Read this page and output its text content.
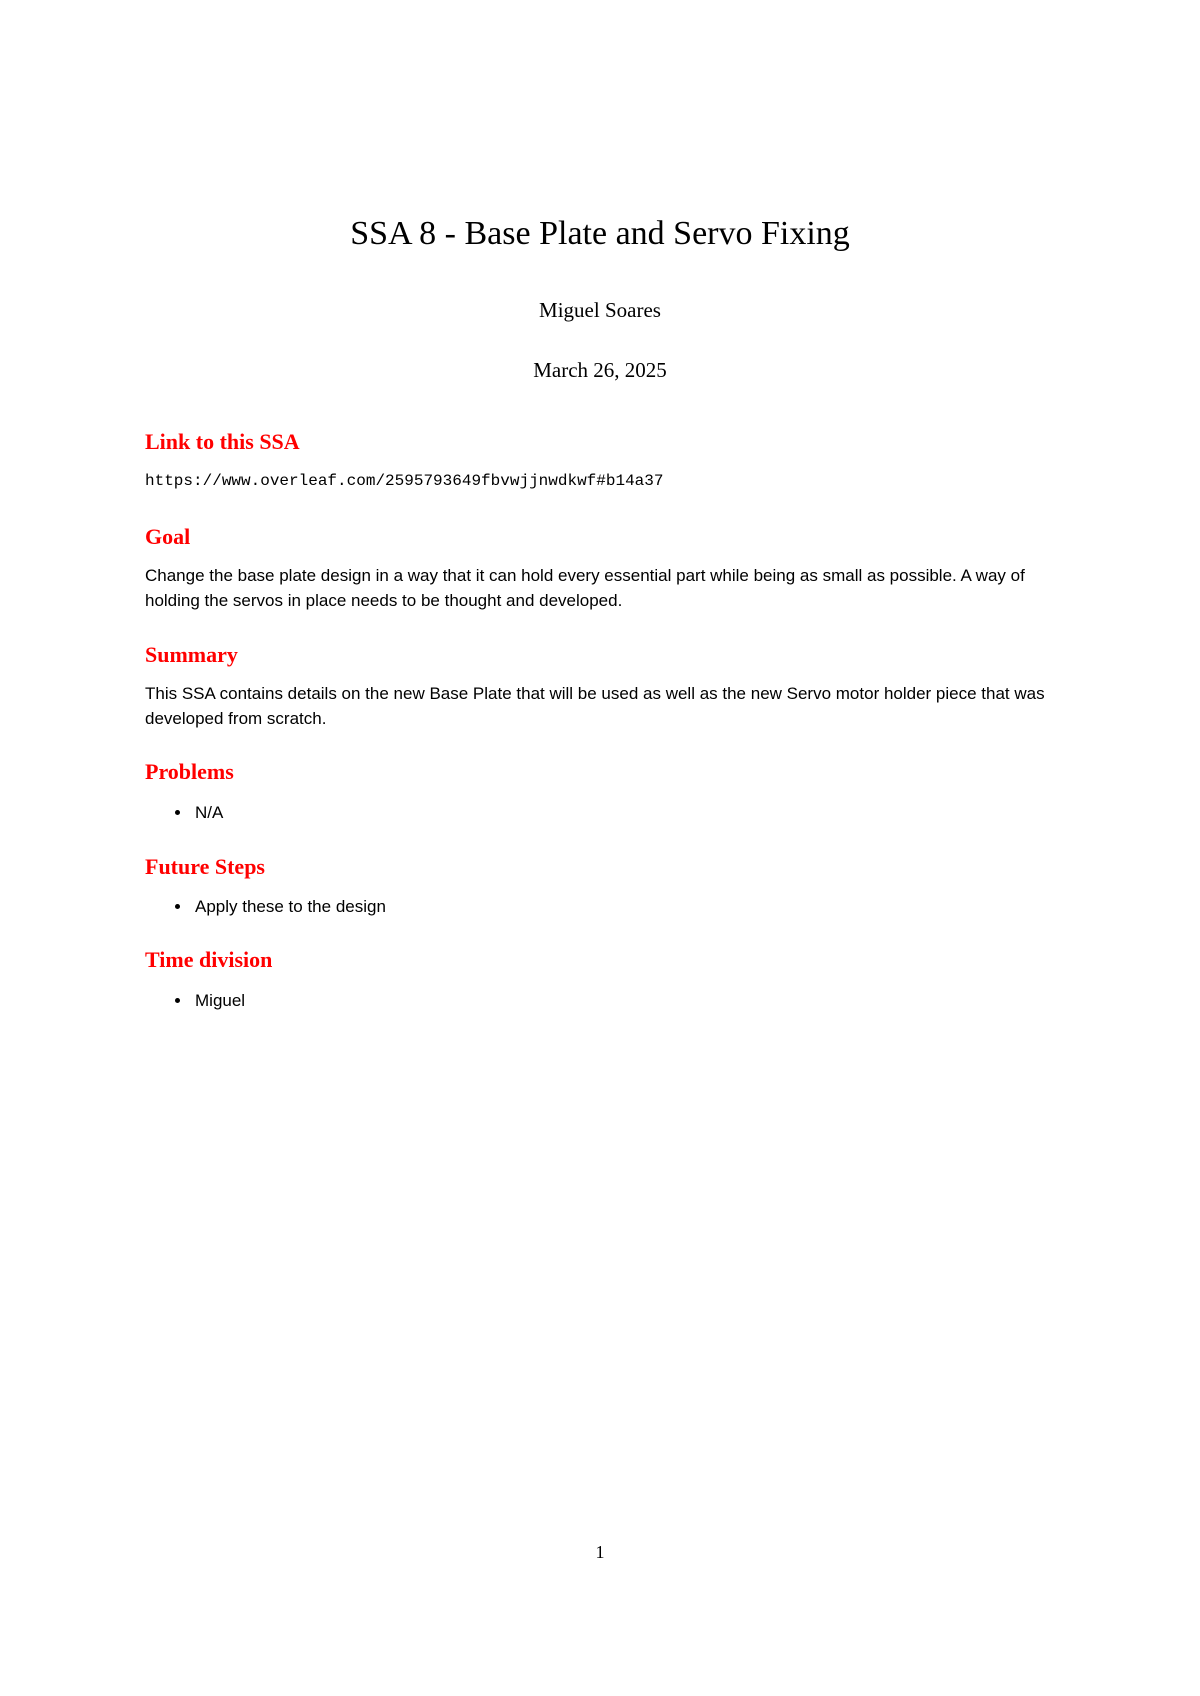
SSA 8 - Base Plate and Servo Fixing
Miguel Soares
March 26, 2025
Link to this SSA
https://www.overleaf.com/2595793649fbvwjjnwdkwf#b14a37
Goal

Change the base plate design in a way that it can hold every essential part while being as small as possible. A way of holding the servos in place needs to be thought and developed.

Summary

This SSA contains details on the new Base Plate that will be used as well as the new Servo motor holder piece that was developed from scratch.

Problems
N/A
Future Steps
Apply these to the design
Time division
Miguel
1
